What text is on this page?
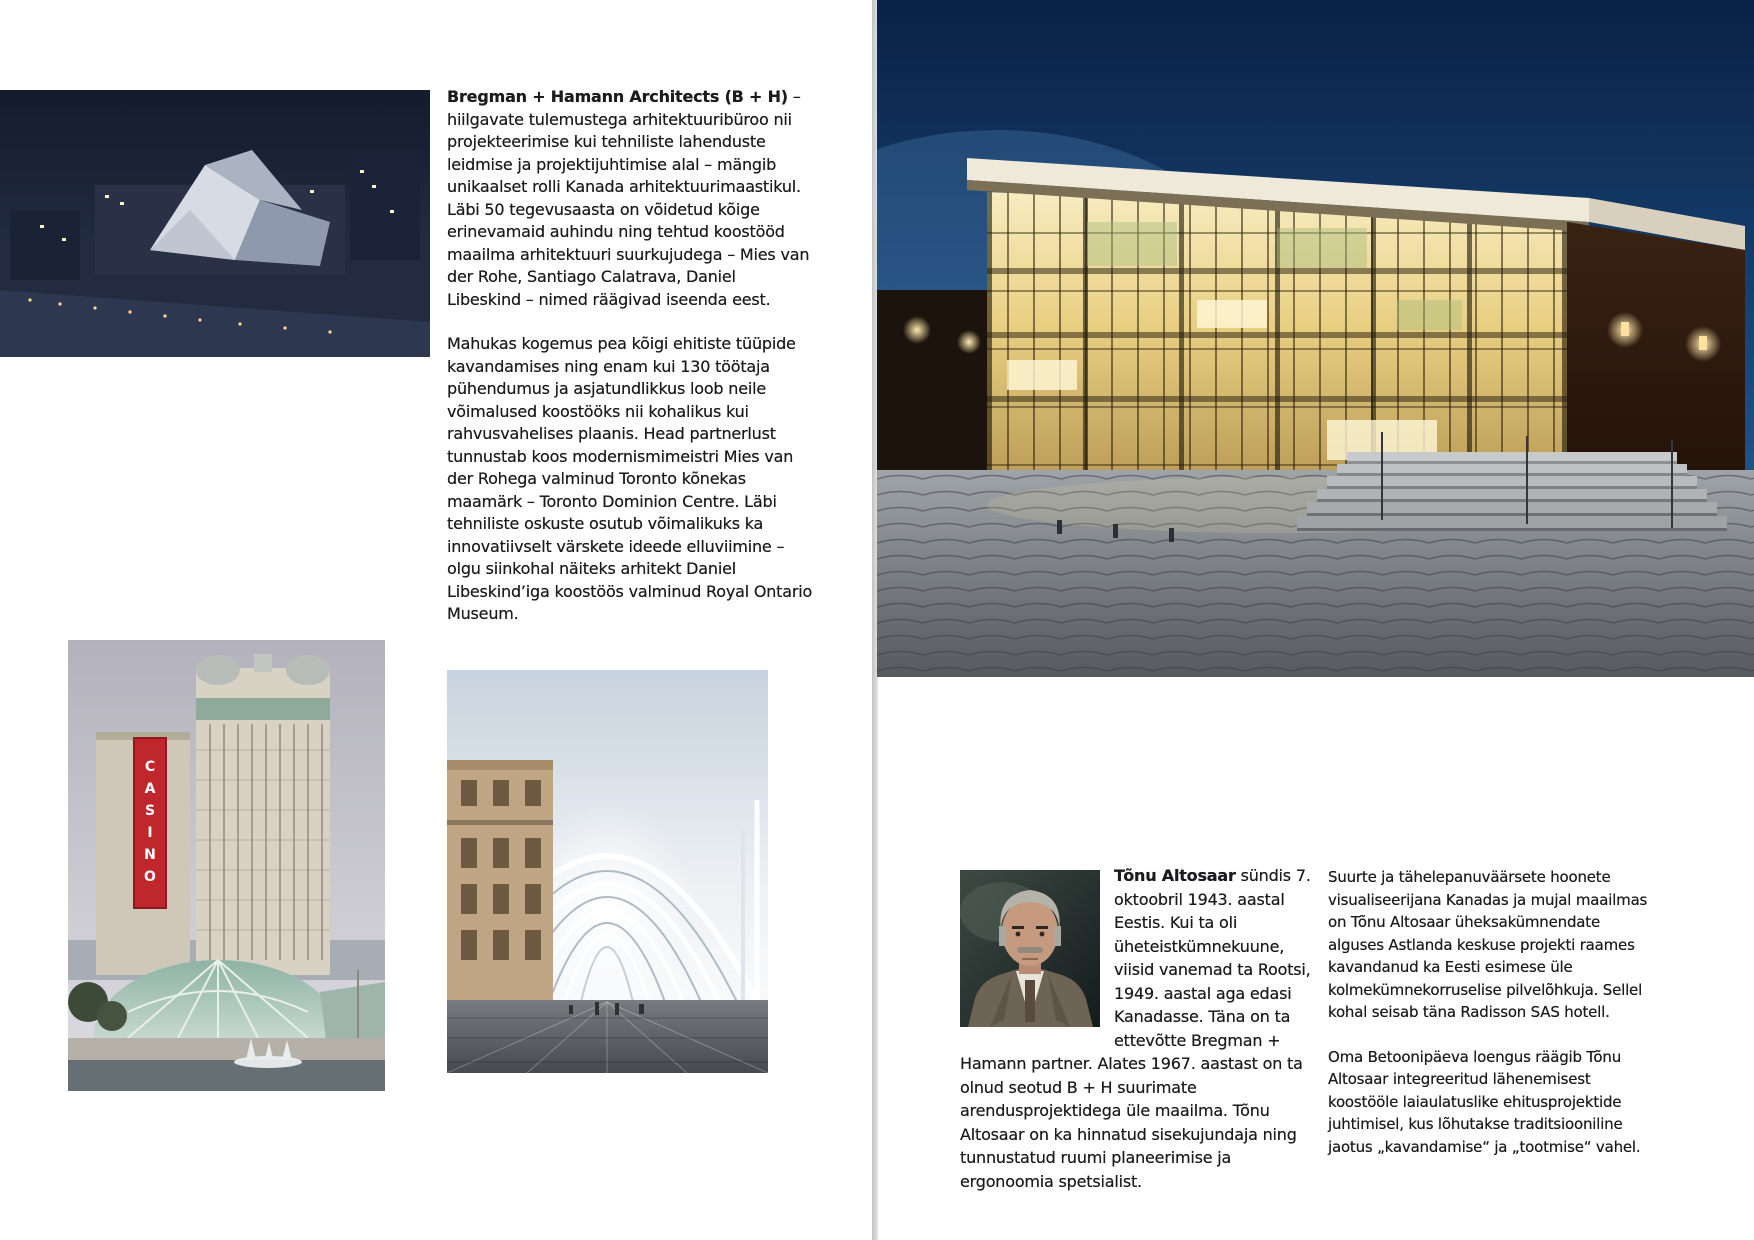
Bregman + Hamann Architects (B + H) – hiilgavate tulemustega arhitektuuribüroo nii projekteerimise kui tehniliste lahenduste leidmise ja projektijuhtimise alal – mängib unikaalset rolli Kanada arhitektuurimaastikul. Läbi 50 tegevusaasta on võidetud kõige erinevamaid auhindu ning tehtud koostööd maailma arhitektuuri suurkujudega – Mies van der Rohe, Santiago Calatrava, Daniel Libeskind – nimed räägivad iseenda eest.

Mahukas kogemus pea kõigi ehitiste tüüpide kavandamises ning enam kui 130 töötaja pühendumus ja asjatundlikkus loob neile võimalused koostööks nii kohalikus kui rahvusvahelises plaanis. Head partnerlust tunnustab koos modernismimeistri Mies van der Rohega valminud Toronto kõnekas maamärk – Toronto Dominion Centre. Läbi tehniliste oskuste osutub võimalikuks ka innovatiivselt värskete ideede elluviimine – olgu siinkohal näiteks arhitekt Daniel Libeskind’iga koostöös valminud Royal Ontario Museum.

CASINO	Tõnu Altosaar sündis 7. oktoobril 1943. aastal Eestis. Kui ta oli üheteistkümnekuune, viisid vanemad ta Rootsi, 1949. aastal aga edasi Kanadasse. Täna on ta ettevõtte Bregman + Hamann partner. Alates 1967. aastast on ta olnud seotud B + H suurimate arendusprojektidega üle maailma. Tõnu Altosaar on ka hinnatud sisekujundaja ning tunnustatud ruumi planeerimise ja ergonoomia spetsialist.

Suurte ja tähelepanuväärsete hoonete visualiseerijana Kanadas ja mujal maailmas on Tõnu Altosaar üheksakümnendate alguses Astlanda keskuse projekti raames kavandanud ka Eesti esimese üle kolmekümnekorruselise pilvelõhkuja. Sellel kohal seisab täna Radisson SAS hotell.

Oma Betoonipäeva loengus räägib Tõnu Altosaar integreeritud lähenemisest koostööle laiaulatuslike ehitusprojektide juhtimisel, kus lõhutakse traditsiooniline jaotus „kavandamise“ ja „tootmise“ vahel.
